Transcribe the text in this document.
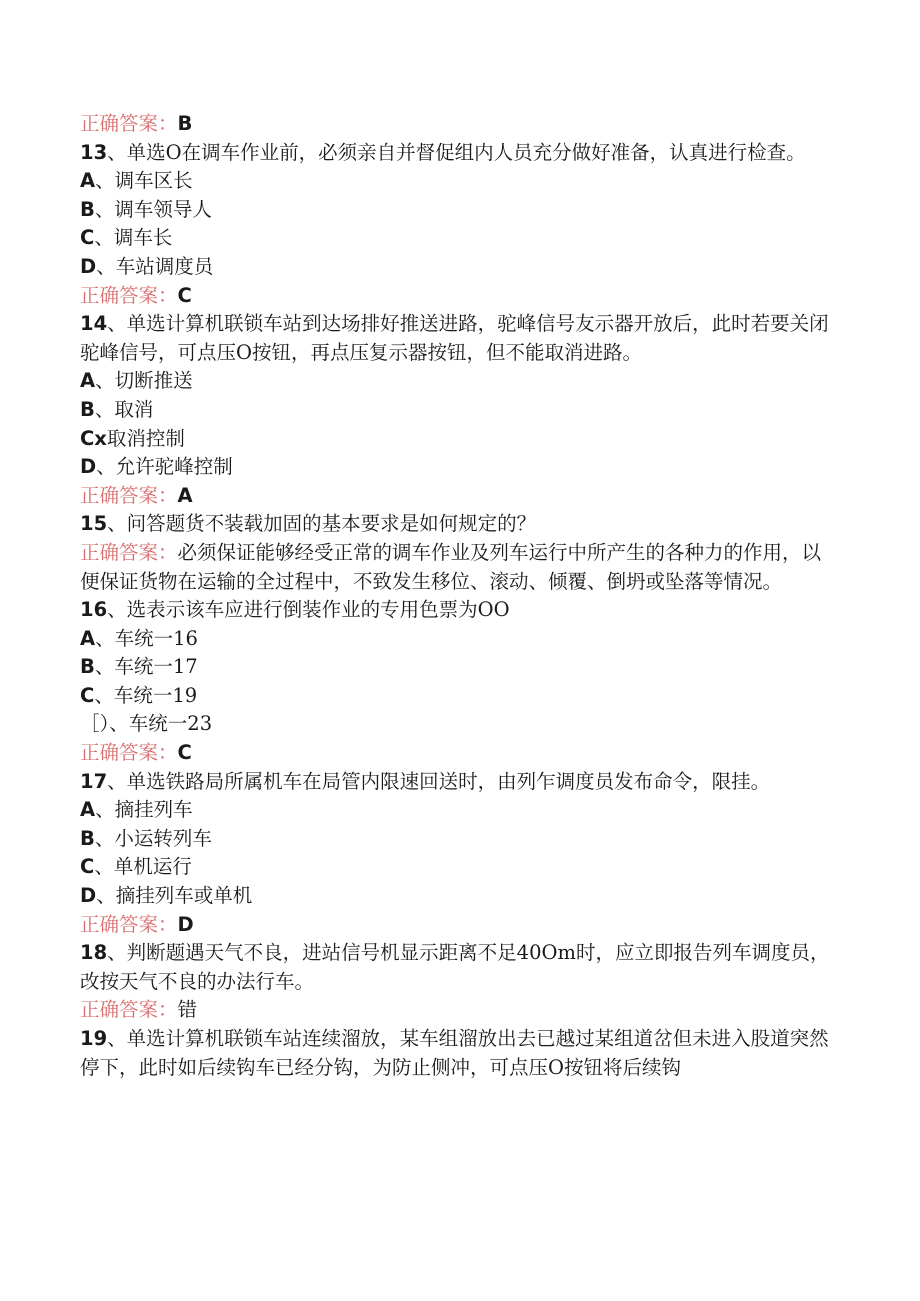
正确答案：B
13、单选O在调车作业前，必须亲自并督促组内人员充分做好准备，认真进行检查。
A、调车区长
B、调车领导人
C、调车长
D、车站调度员
正确答案：C
14、单选计算机联锁车站到达场排好推送进路，驼峰信号友示器开放后，此时若要关闭驼峰信号，可点压O按钮，再点压复示器按钮，但不能取消进路。
A、切断推送
B、取消
Cx取消控制
D、允许驼峰控制
正确答案：A
15、问答题货不装载加固的基本要求是如何规定的？
正确答案：必须保证能够经受正常的调车作业及列车运行中所产生的各种力的作用，以便保证货物在运输的全过程中，不致发生移位、滚动、倾覆、倒坍或坠落等情况。
16、选表示该车应进行倒装作业的专用色票为OO
A、车统一16
B、车统一17
C、车统一19
［）、车统一23
正确答案：C
17、单选铁路局所属机车在局管内限速回送时，由列乍调度员发布命令，限挂。
A、摘挂列车
B、小运转列车
C、单机运行
D、摘挂列车或单机
正确答案：D
18、判断题遇天气不良，进站信号机显示距离不足40Om时，应立即报告列车调度员，改按天气不良的办法行车。
正确答案：错
19、单选计算机联锁车站连续溜放，某车组溜放出去已越过某组道岔但未进入股道突然停下，此时如后续钩车已经分钩，为防止侧冲，可点压O按钮将后续钩
